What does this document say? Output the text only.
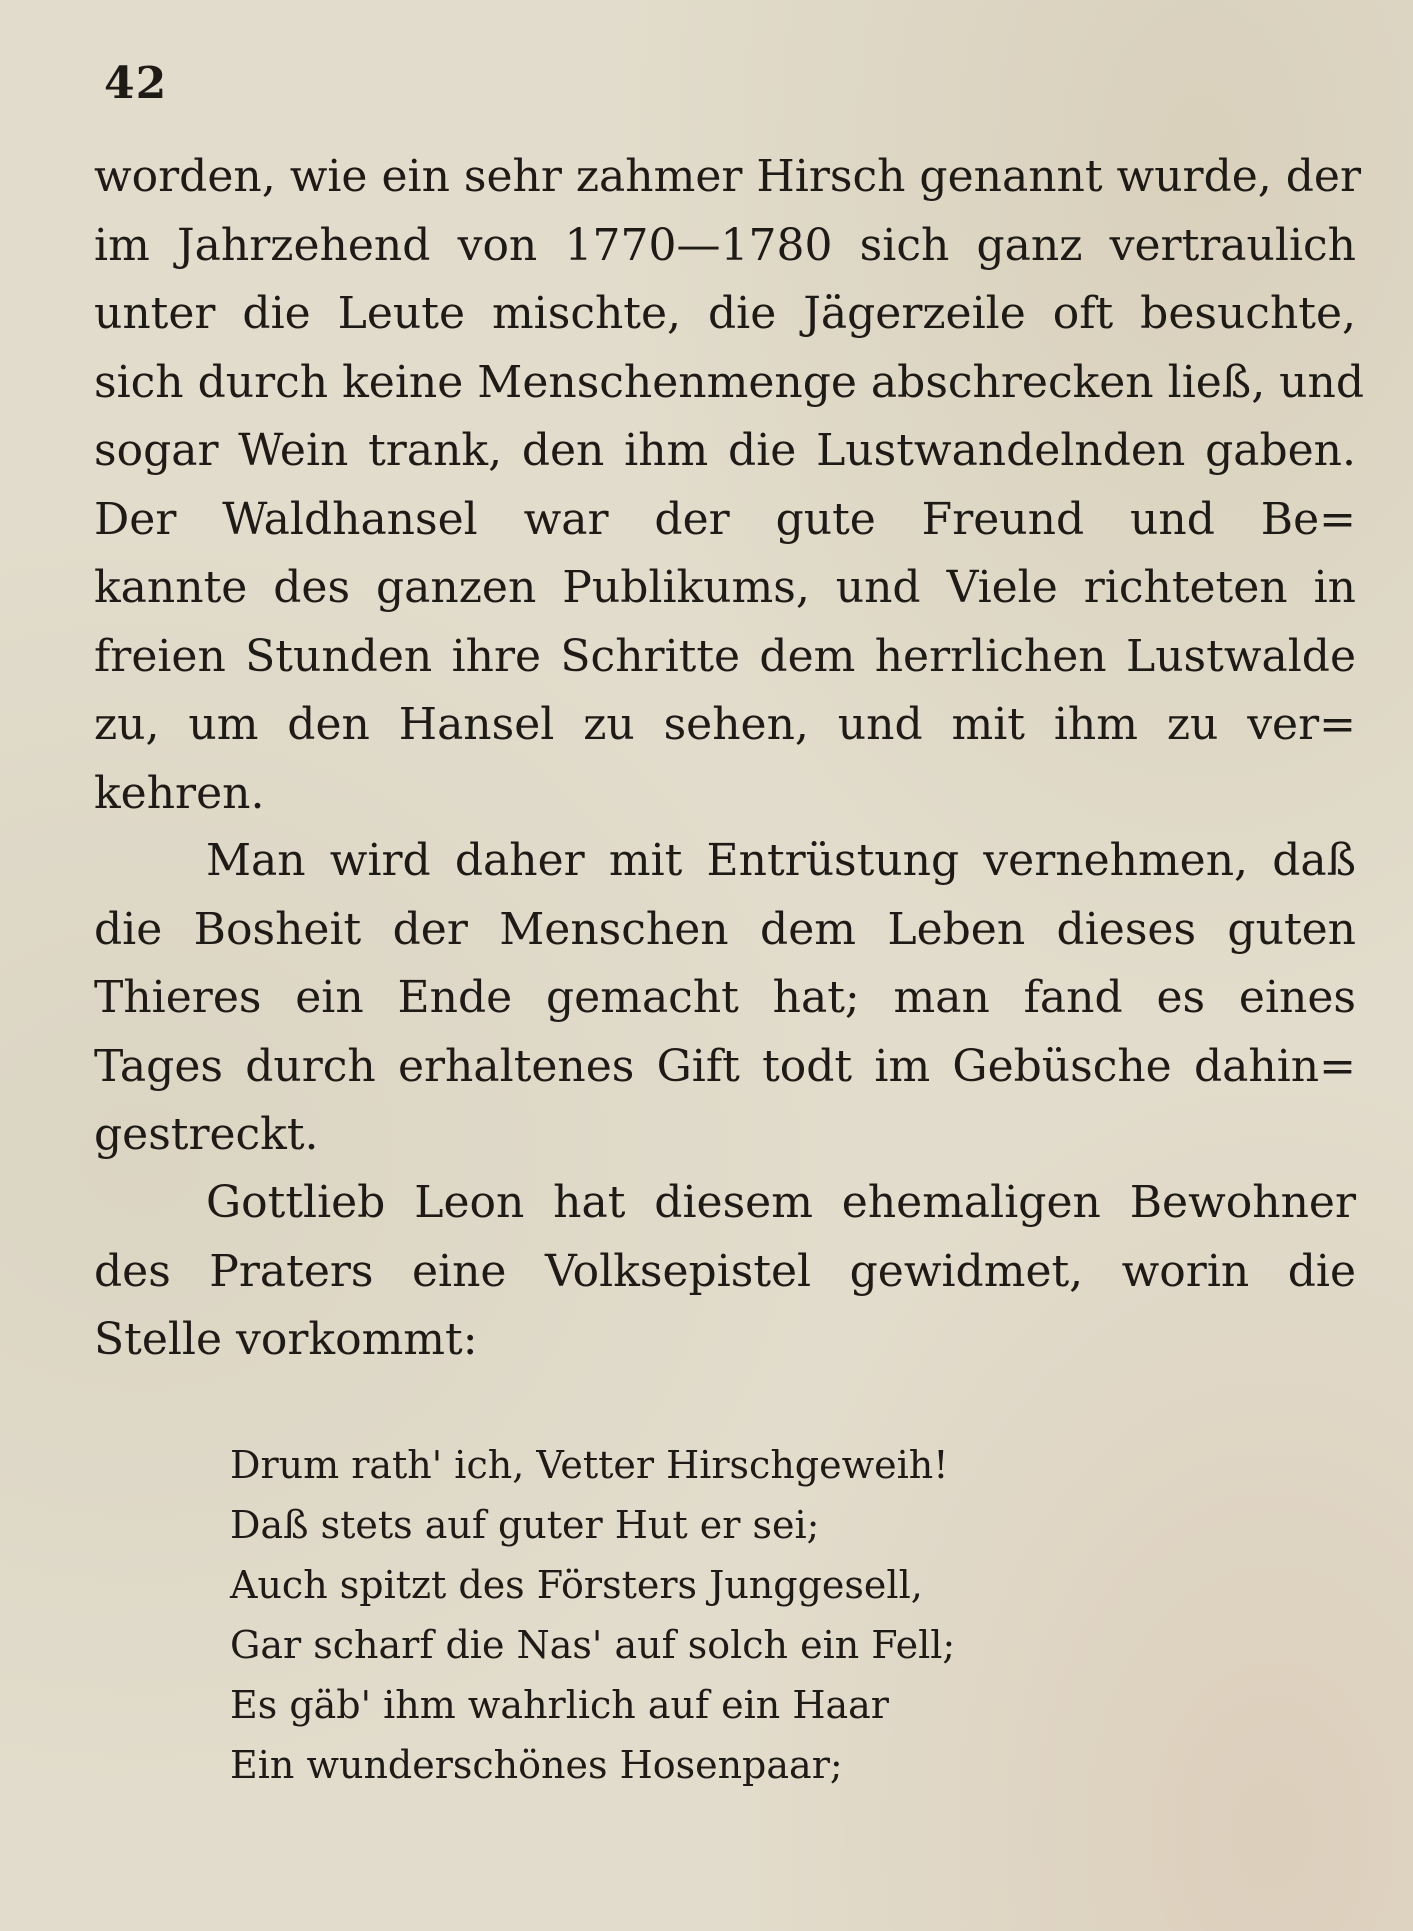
42
worden, wie ein sehr zahmer Hirsch genannt wurde, der
im Jahrzehend von 1770—1780 sich ganz vertraulich
unter die Leute mischte, die Jägerzeile oft besuchte,
sich durch keine Menschenmenge abschrecken ließ, und
sogar Wein trank, den ihm die Lustwandelnden gaben.
Der Waldhansel war der gute Freund und Be=
kannte des ganzen Publikums, und Viele richteten in
freien Stunden ihre Schritte dem herrlichen Lustwalde
zu, um den Hansel zu sehen, und mit ihm zu ver=
kehren.
Man wird daher mit Entrüstung vernehmen, daß
die Bosheit der Menschen dem Leben dieses guten
Thieres ein Ende gemacht hat; man fand es eines
Tages durch erhaltenes Gift todt im Gebüsche dahin=
gestreckt.
Gottlieb Leon hat diesem ehemaligen Bewohner
des Praters eine Volksepistel gewidmet, worin die
Stelle vorkommt:
Drum rath' ich, Vetter Hirschgeweih!
Daß stets auf guter Hut er sei;
Auch spitzt des Försters Junggesell,
Gar scharf die Nas' auf solch ein Fell;
Es gäb' ihm wahrlich auf ein Haar
Ein wunderschönes Hosenpaar;
